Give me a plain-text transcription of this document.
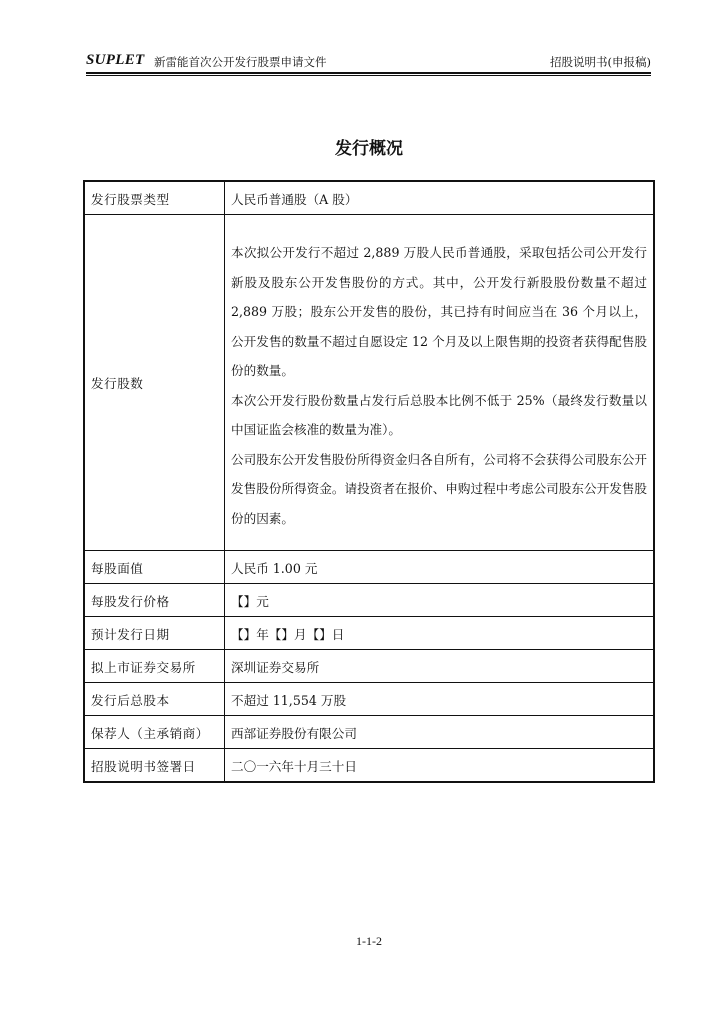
SUPLET 新雷能首次公开发行股票申请文件	招股说明书(申报稿)
发行概况
发行股票类型	人民币普通股（A 股）
发行股数	本次拟公开发行不超过 2,889 万股人民币普通股，采取包括公司公开发行新股及股东公开发售股份的方式。其中，公开发行新股股份数量不超过 2,889 万股；股东公开发售的股份，其已持有时间应当在 36 个月以上，公开发售的数量不超过自愿设定 12 个月及以上限售期的投资者获得配售股份的数量。

本次公开发行股份数量占发行后总股本比例不低于 25%（最终发行数量以中国证监会核准的数量为准）。

公司股东公开发售股份所得资金归各自所有，公司将不会获得公司股东公开发售股份所得资金。请投资者在报价、申购过程中考虑公司股东公开发售股份的因素。

每股面值	人民币 1.00 元
每股发行价格	【】元
预计发行日期	【】年【】月【】日
拟上市证券交易所	深圳证券交易所
发行后总股本	不超过 11,554 万股
保荐人（主承销商）	西部证券股份有限公司
招股说明书签署日	二〇一六年十月三十日
1-1-2
